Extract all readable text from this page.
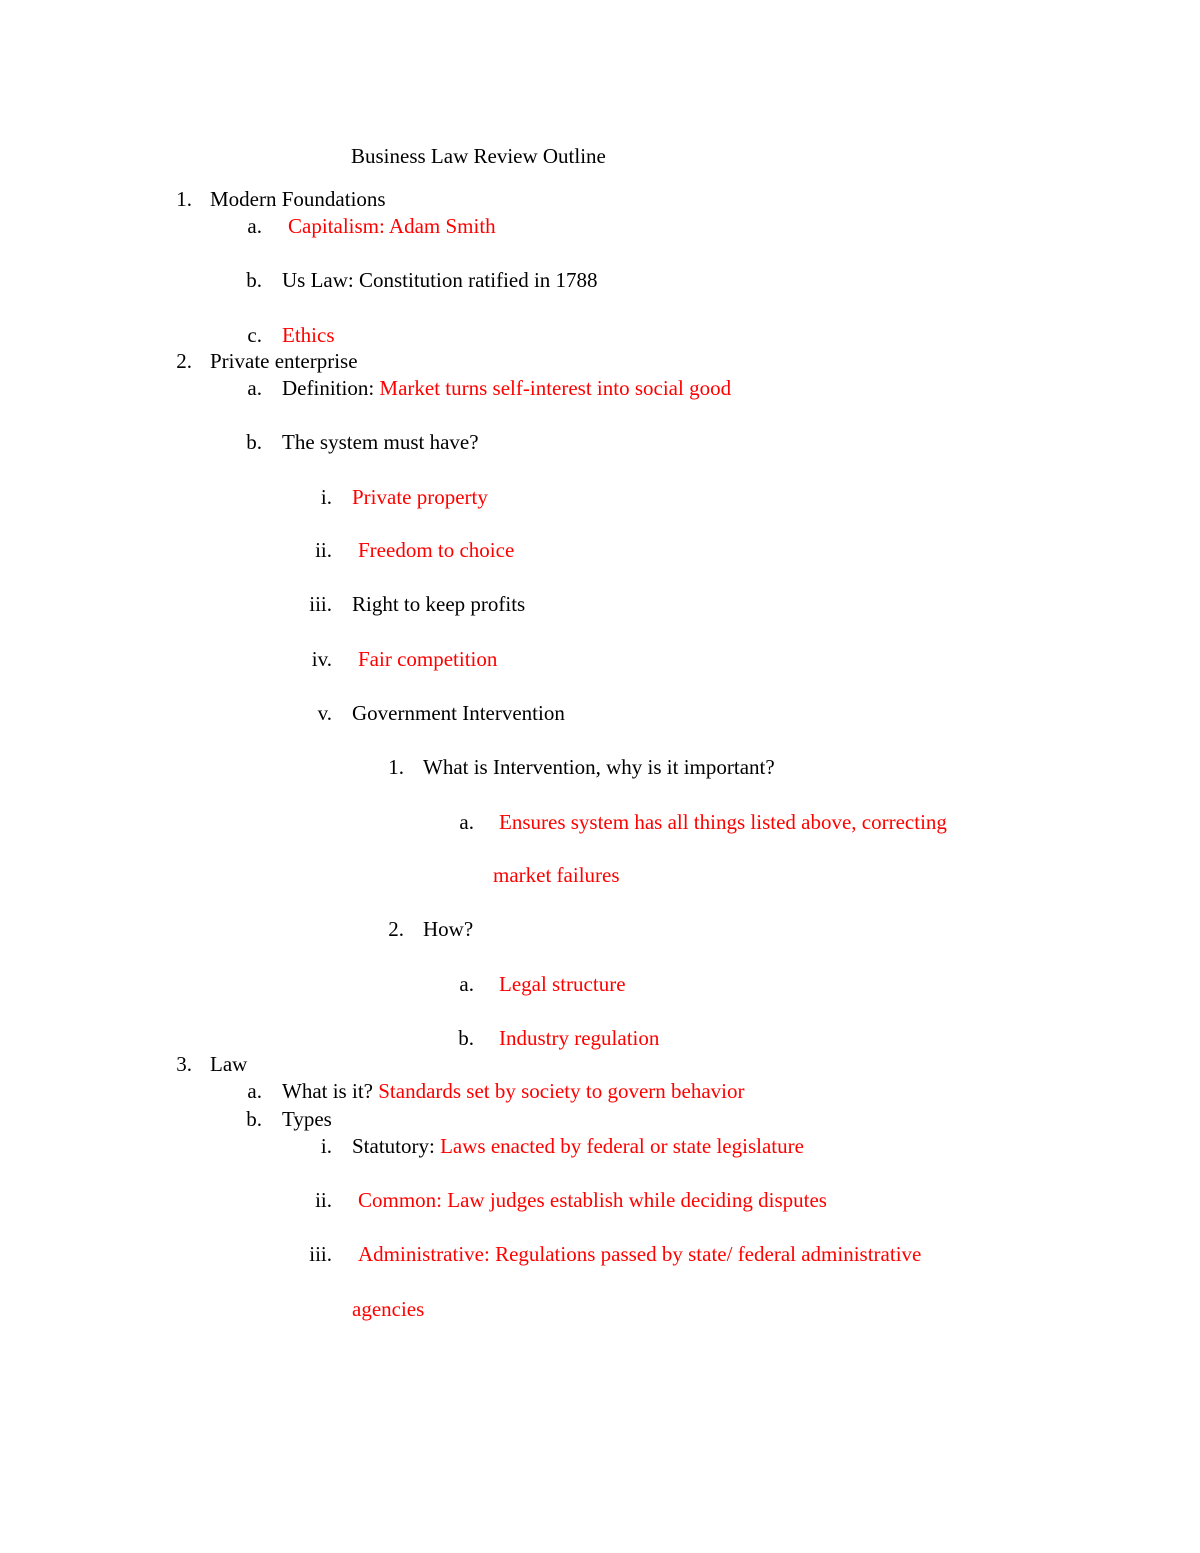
Business Law Review Outline
1. Modern Foundations
a. Capitalism: Adam Smith
b. Us Law: Constitution ratified in 1788
c. Ethics
2. Private enterprise
a. Definition: Market turns self-interest into social good
b. The system must have?
i. Private property
ii. Freedom to choice
iii. Right to keep profits
iv. Fair competition
v. Government Intervention
1. What is Intervention, why is it important?
a. Ensures system has all things listed above, correcting
market failures
2. How?
a. Legal structure
b. Industry regulation
3. Law
a. What is it? Standards set by society to govern behavior
b. Types
i. Statutory: Laws enacted by federal or state legislature
ii. Common: Law judges establish while deciding disputes
iii. Administrative: Regulations passed by state/ federal administrative
agencies
